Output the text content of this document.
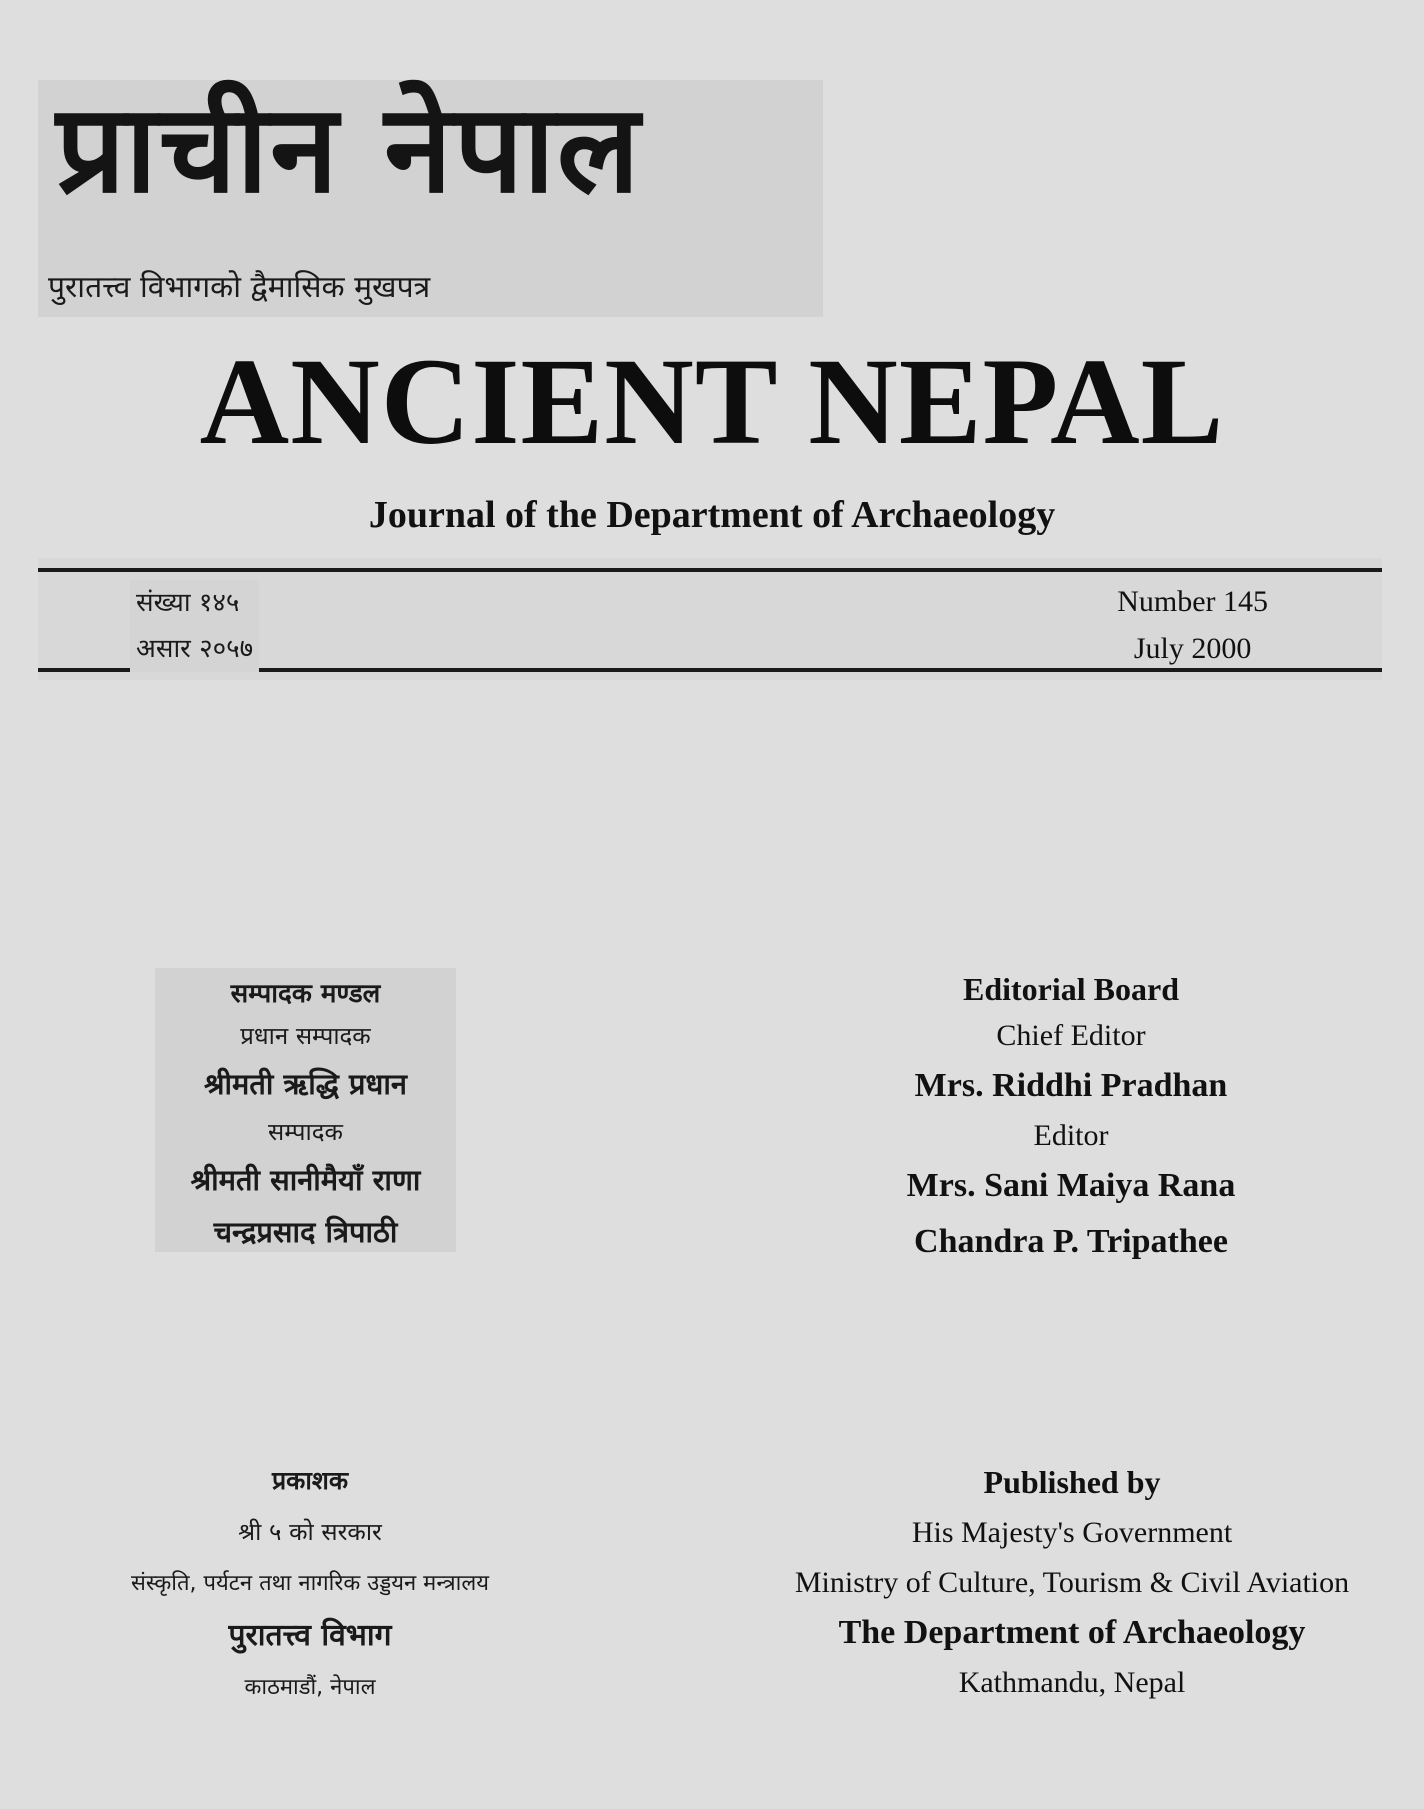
प्राचीन नेपाल
पुरातत्त्व विभागको द्वैमासिक मुखपत्र
ANCIENT NEPAL
Journal of the Department of Archaeology
संख्या १४५
असार २०५७
Number 145
July 2000
सम्पादक मण्डल
प्रधान सम्पादक
श्रीमती ऋद्धि प्रधान
सम्पादक
श्रीमती सानीमैयाँ राणा
चन्द्रप्रसाद त्रिपाठी
Editorial Board
Chief Editor
Mrs. Riddhi Pradhan
Editor
Mrs. Sani Maiya Rana
Chandra P. Tripathee
प्रकाशक
श्री ५ को सरकार
संस्कृति, पर्यटन तथा नागरिक उड्डयन मन्त्रालय
पुरातत्त्व विभाग
काठमाडौं, नेपाल
Published by
His Majesty's Government
Ministry of Culture, Tourism & Civil Aviation
The Department of Archaeology
Kathmandu, Nepal
